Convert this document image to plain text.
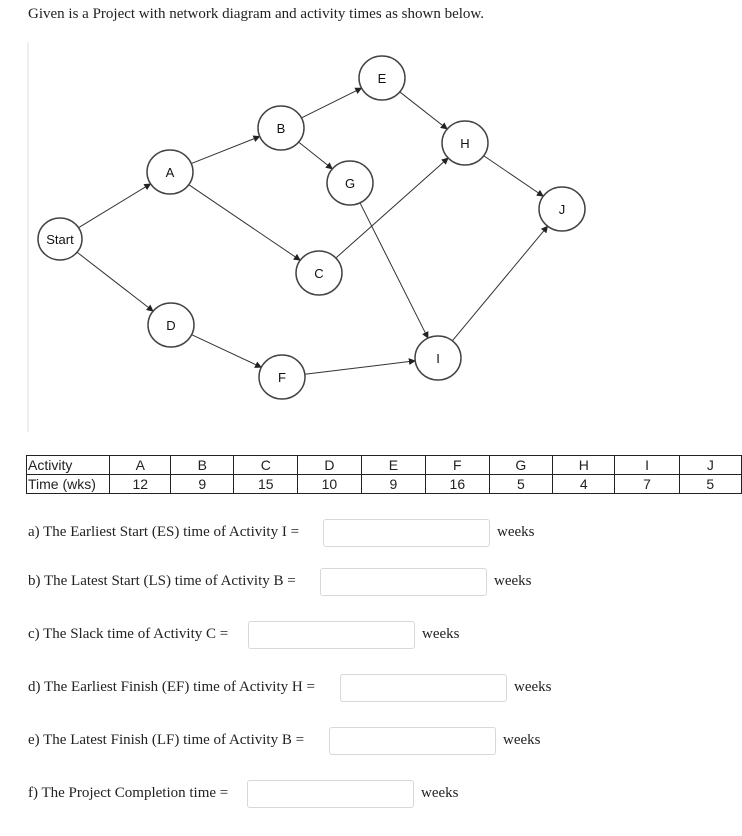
Given is a Project with network diagram and activity times as shown below.
Start
A
B
C
D
E
F
G
H
I
J
Activity	A	B	C	D	E	F	G	H	I	J
Time (wks)	12	9	15	10	9	16	5	4	7	5
a) The Earliest Start (ES) time of Activity I =	weeks
b) The Latest Start (LS) time of Activity B =	weeks
c) The Slack time of Activity C =	weeks
d) The Earliest Finish (EF) time of Activity H =	weeks
e) The Latest Finish (LF) time of Activity B =	weeks
f) The Project Completion time =	weeks
